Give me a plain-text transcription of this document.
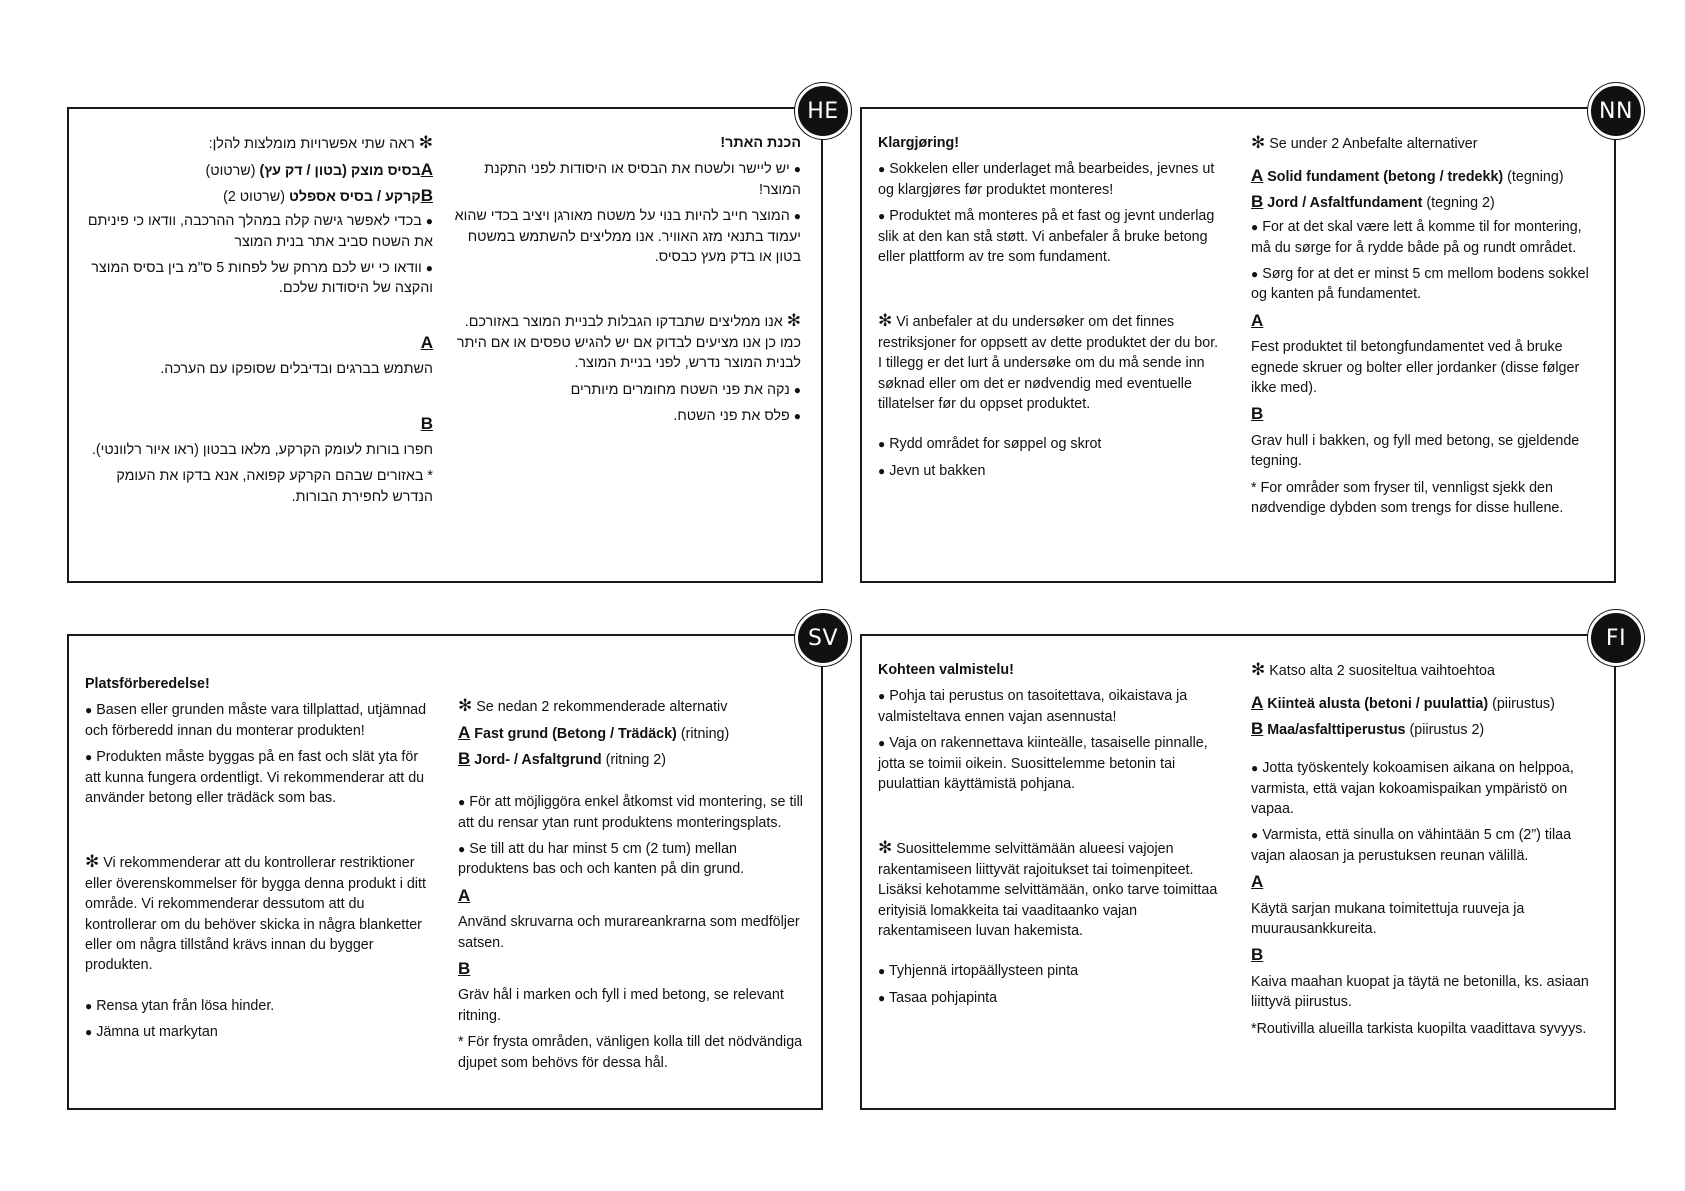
HE

הכנת האתר!

● יש ליישר ולשטח את הבסיס או היסודות לפני התקנת המוצר!

● המוצר חייב להיות בנוי על משטח מאורגן ויציב בכדי שהוא יעמוד בתנאי מזג האוויר. אנו ממליצים להשתמש במשטח בטון או בדק מעץ כבסיס.

✻ אנו ממליצים שתבדקו הגבלות לבניית המוצר באזורכם. כמו כן אנו מציעים לבדוק אם יש להגיש טפסים או אם היתר לבנית המוצר נדרש, לפני בניית המוצר.

● נקה את פני השטח מחומרים מיותרים

● פלס את פני השטח.

✻ ראה שתי אפשרויות מומלצות להלן:

Aבסיס מוצק (בטון / דק עץ) (שרטוט)

Bקרקע / בסיס אספלט (שרטוט 2)

● בכדי לאפשר גישה קלה במהלך ההרכבה, וודאו כי פיניתם את השטח סביב אתר בנית המוצר

● וודאו כי יש לכם מרחק של לפחות 5 ס"מ בין בסיס המוצר והקצה של היסודות שלכם.

A

השתמש בברגים ובדיבלים שסופקו עם הערכה.

B

חפרו בורות לעומק הקרקע, מלאו בבטון (ראו איור רלוונטי).

* באזורים שבהם הקרקע קפואה, אנא בדקו את העומק הנדרש לחפירת הבורות.

NN

Klargjøring!

● Sokkelen eller underlaget må bearbeides, jevnes ut og klargjøres før produktet monteres!

● Produktet må monteres på et fast og jevnt underlag slik at den kan stå støtt. Vi anbefaler å bruke betong eller plattform av tre som fundament.

✻ Vi anbefaler at du undersøker om det finnes restriksjoner for oppsett av dette produktet der du bor. I tillegg er det lurt å undersøke om du må sende inn søknad eller om det er nødvendig med eventuelle tillatelser før du oppset produktet.

● Rydd området for søppel og skrot

● Jevn ut bakken

✻ Se under 2 Anbefalte alternativer

A Solid fundament (betong / tredekk) (tegning)

B Jord / Asfaltfundament (tegning 2)

● For at det skal være lett å komme til for montering, må du sørge for å rydde både på og rundt området.

● Sørg for at det er minst 5 cm mellom bodens sokkel og kanten på fundamentet.

A

Fest produktet til betongfundamentet ved å bruke egnede skruer og bolter eller jordanker (disse følger ikke med).

B

Grav hull i bakken, og fyll med betong, se gjeldende tegning.

* For områder som fryser til, vennligst sjekk den nødvendige dybden som trengs for disse hullene.

SV

Platsförberedelse!

● Basen eller grunden måste vara tillplattad, utjämnad och förberedd innan du monterar produkten!

● Produkten måste byggas på en fast och slät yta för att kunna fungera ordentligt. Vi rekommenderar att du använder betong eller trädäck som bas.

✻ Vi rekommenderar att du kontrollerar restriktioner eller överenskommelser för bygga denna produkt i ditt område. Vi rekommenderar dessutom att du kontrollerar om du behöver skicka in några blanketter eller om några tillstånd krävs innan du bygger produkten.

● Rensa ytan från lösa hinder.

● Jämna ut markytan

✻ Se nedan 2 rekommenderade alternativ

A Fast grund (Betong / Trädäck) (ritning)

B Jord- / Asfaltgrund (ritning 2)

● För att möjliggöra enkel åtkomst vid montering, se till att du rensar ytan runt produktens monteringsplats.

● Se till att du har minst 5 cm (2 tum) mellan produktens bas och och kanten på din grund.

A

Använd skruvarna och murareankrarna som medföljer satsen.

B

Gräv hål i marken och fyll i med betong, se relevant ritning.

* För frysta områden, vänligen kolla till det nödvändiga djupet som behövs för dessa hål.

FI

Kohteen valmistelu!

● Pohja tai perustus on tasoitettava, oikaistava ja valmisteltava ennen vajan asennusta!

● Vaja on rakennettava kiinteälle, tasaiselle pinnalle, jotta se toimii oikein. Suosittelemme betonin tai puulattian käyttämistä pohjana.

✻ Suosittelemme selvittämään alueesi vajojen rakentamiseen liittyvät rajoitukset tai toimenpiteet. Lisäksi kehotamme selvittämään, onko tarve toimittaa erityisiä lomakkeita tai vaaditaanko vajan rakentamiseen luvan hakemista.

● Tyhjennä irtopäällysteen pinta

● Tasaa pohjapinta

✻ Katso alta 2 suositeltua vaihtoehtoa

A Kiinteä alusta (betoni / puulattia) (piirustus)

B Maa/asfalttiperustus (piirustus 2)

● Jotta työskentely kokoamisen aikana on helppoa, varmista, että vajan kokoamispaikan ympäristö on vapaa.

● Varmista, että sinulla on vähintään 5 cm (2”) tilaa vajan alaosan ja perustuksen reunan välillä.

A

Käytä sarjan mukana toimitettuja ruuveja ja muurausankkureita.

B

Kaiva maahan kuopat ja täytä ne betonilla, ks. asiaan liittyvä piirustus.

*Routivilla alueilla tarkista kuopilta vaadittava syvyys.
